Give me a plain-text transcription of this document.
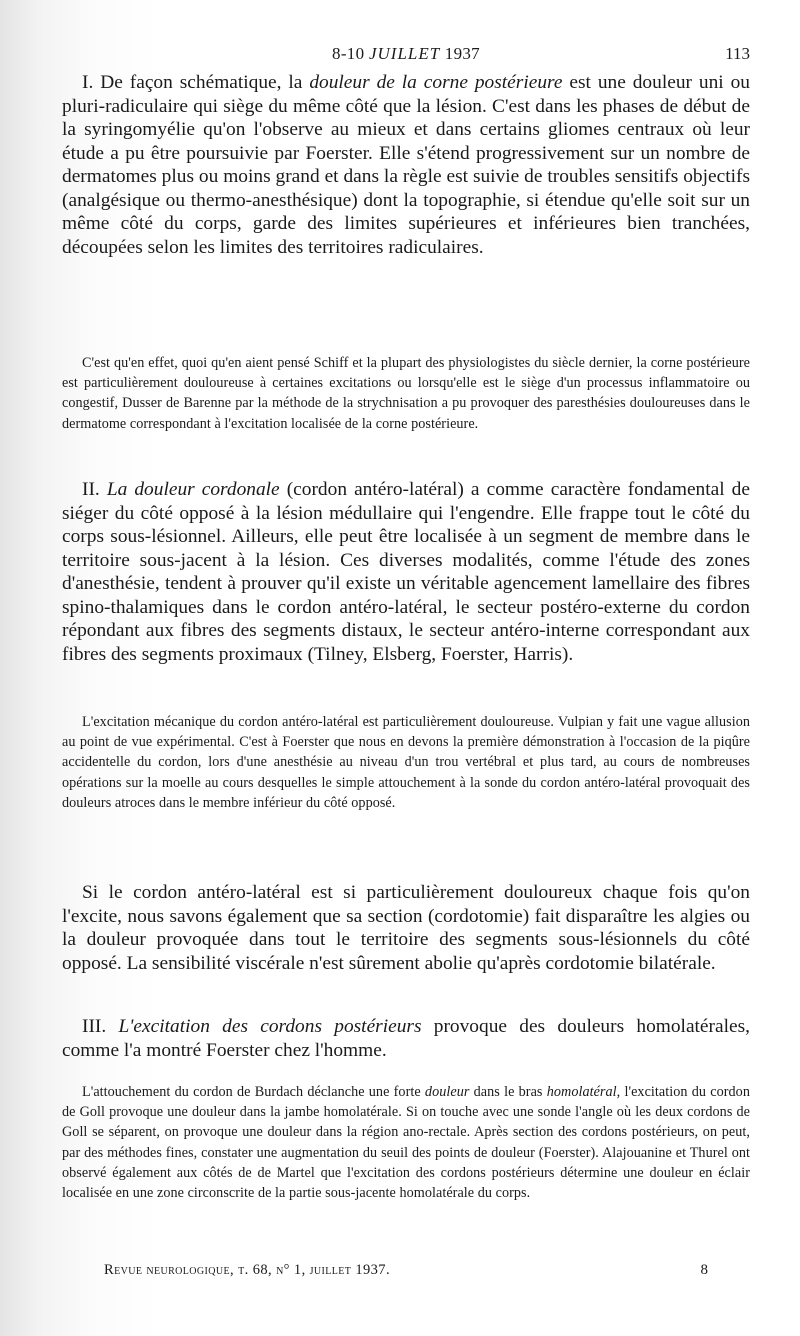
8-10 JUILLET 1937	113

I. De façon schématique, la douleur de la corne postérieure est une douleur uni ou pluri-radiculaire qui siège du même côté que la lésion. C'est dans les phases de début de la syringomyélie qu'on l'observe au mieux et dans certains gliomes centraux où leur étude a pu être poursuivie par Foerster. Elle s'étend progressivement sur un nombre de dermatomes plus ou moins grand et dans la règle est suivie de troubles sensitifs objectifs (analgésique ou thermo-anesthésique) dont la topographie, si étendue qu'elle soit sur un même côté du corps, garde des limites supérieures et inférieures bien tranchées, découpées selon les limites des territoires radiculaires.

C'est qu'en effet, quoi qu'en aient pensé Schiff et la plupart des physiologistes du siècle dernier, la corne postérieure est particulièrement douloureuse à certaines excitations ou lorsqu'elle est le siège d'un processus inflammatoire ou congestif, Dusser de Barenne par la méthode de la strychnisation a pu provoquer des paresthésies douloureuses dans le dermatome correspondant à l'excitation localisée de la corne postérieure.

II. La douleur cordonale (cordon antéro-latéral) a comme caractère fondamental de siéger du côté opposé à la lésion médullaire qui l'engendre. Elle frappe tout le côté du corps sous-lésionnel. Ailleurs, elle peut être localisée à un segment de membre dans le territoire sous-jacent à la lésion. Ces diverses modalités, comme l'étude des zones d'anesthésie, tendent à prouver qu'il existe un véritable agencement lamellaire des fibres spino-thalamiques dans le cordon antéro-latéral, le secteur postéro-externe du cordon répondant aux fibres des segments distaux, le secteur antéro-interne correspondant aux fibres des segments proximaux (Tilney, Elsberg, Foerster, Harris).

L'excitation mécanique du cordon antéro-latéral est particulièrement douloureuse. Vulpian y fait une vague allusion au point de vue expérimental. C'est à Foerster que nous en devons la première démonstration à l'occasion de la piqûre accidentelle du cordon, lors d'une anesthésie au niveau d'un trou vertébral et plus tard, au cours de nombreuses opérations sur la moelle au cours desquelles le simple attouchement à la sonde du cordon antéro-latéral provoquait des douleurs atroces dans le membre inférieur du côté opposé.

Si le cordon antéro-latéral est si particulièrement douloureux chaque fois qu'on l'excite, nous savons également que sa section (cordotomie) fait disparaître les algies ou la douleur provoquée dans tout le territoire des segments sous-lésionnels du côté opposé. La sensibilité viscérale n'est sûrement abolie qu'après cordotomie bilatérale.

III. L'excitation des cordons postérieurs provoque des douleurs homolatérales, comme l'a montré Foerster chez l'homme.

L'attouchement du cordon de Burdach déclanche une forte douleur dans le bras homolatéral, l'excitation du cordon de Goll provoque une douleur dans la jambe homolatérale. Si on touche avec une sonde l'angle où les deux cordons de Goll se séparent, on provoque une douleur dans la région ano-rectale. Après section des cordons postérieurs, on peut, par des méthodes fines, constater une augmentation du seuil des points de douleur (Foerster). Alajouanine et Thurel ont observé également aux côtés de de Martel que l'excitation des cordons postérieurs détermine une douleur en éclair localisée en une zone circonscrite de la partie sous-jacente homolatérale du corps.

Revue neurologique, t. 68, n° 1, juillet 1937.	8
